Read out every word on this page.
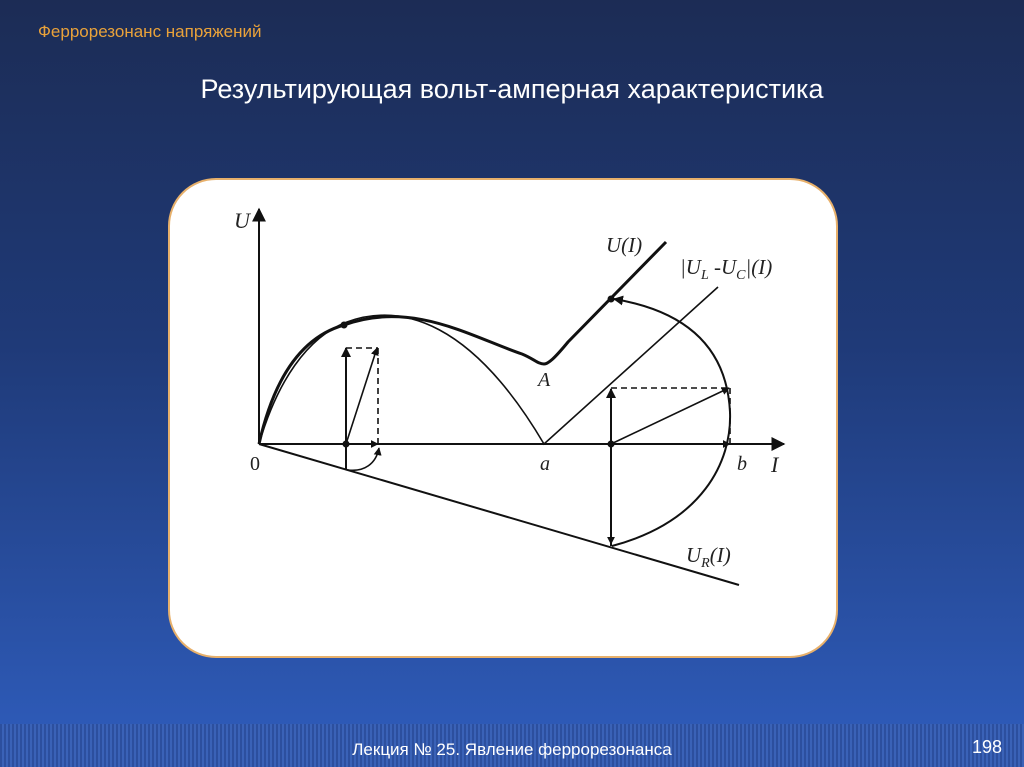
Феррорезонанс напряжений
Результирующая вольт-амперная характеристика
U
I
0	a	b
A
U(I)
$|U_L$ $-U_C|(I)$
$U_R(I)$
Лекция № 25. Явление феррорезонанса	198
